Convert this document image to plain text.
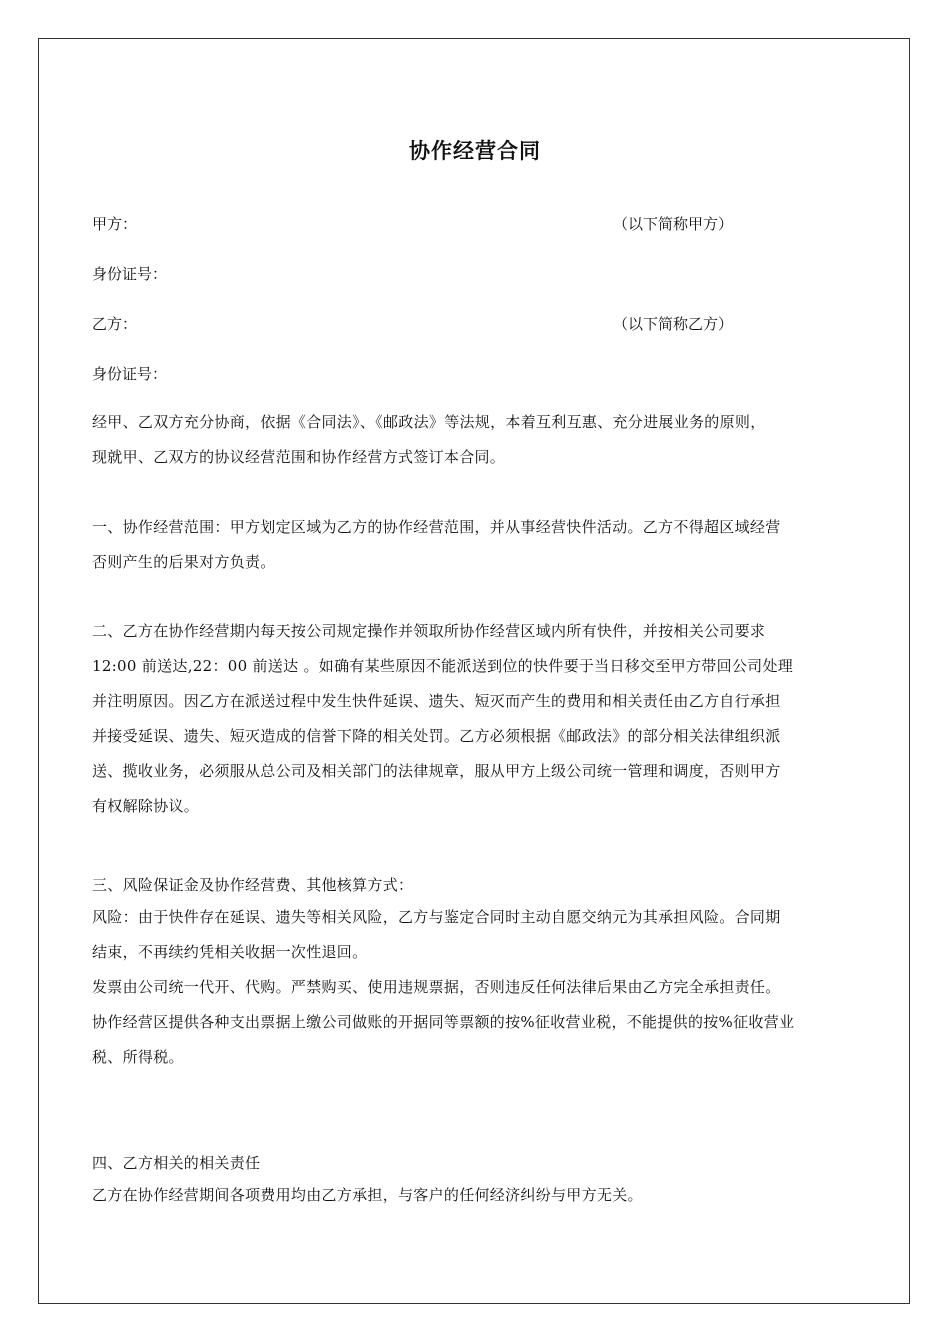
协作经营合同
甲方：	（以下简称甲方）
身份证号：
乙方：	（以下简称乙方）
身份证号：
经甲、乙双方充分协商，依据《合同法》、《邮政法》等法规，本着互利互惠、充分进展业务的原则，
现就甲、乙双方的协议经营范围和协作经营方式签订本合同。
一、协作经营范围：甲方划定区域为乙方的协作经营范围，并从事经营快件活动。乙方不得超区域经营
否则产生的后果对方负责。
二、乙方在协作经营期内每天按公司规定操作并领取所协作经营区域内所有快件，并按相关公司要求
12:00 前送达,22：00 前送达 。如确有某些原因不能派送到位的快件要于当日移交至甲方带回公司处理
并注明原因。因乙方在派送过程中发生快件延误、遗失、短灭而产生的费用和相关责任由乙方自行承担
并接受延误、遗失、短灭造成的信誉下降的相关处罚。乙方必须根据《邮政法》的部分相关法律组织派
送、揽收业务，必须服从总公司及相关部门的法律规章，服从甲方上级公司统一管理和调度，否则甲方
有权解除协议。
三、风险保证金及协作经营费、其他核算方式：
风险：由于快件存在延误、遗失等相关风险，乙方与鉴定合同时主动自愿交纳元为其承担风险。合同期
结束，不再续约凭相关收据一次性退回。
发票由公司统一代开、代购。严禁购买、使用违规票据，否则违反任何法律后果由乙方完全承担责任。
协作经营区提供各种支出票据上缴公司做账的开据同等票额的按%征收营业税，不能提供的按%征收营业
税、所得税。
四、乙方相关的相关责任
乙方在协作经营期间各项费用均由乙方承担，与客户的任何经济纠纷与甲方无关。
